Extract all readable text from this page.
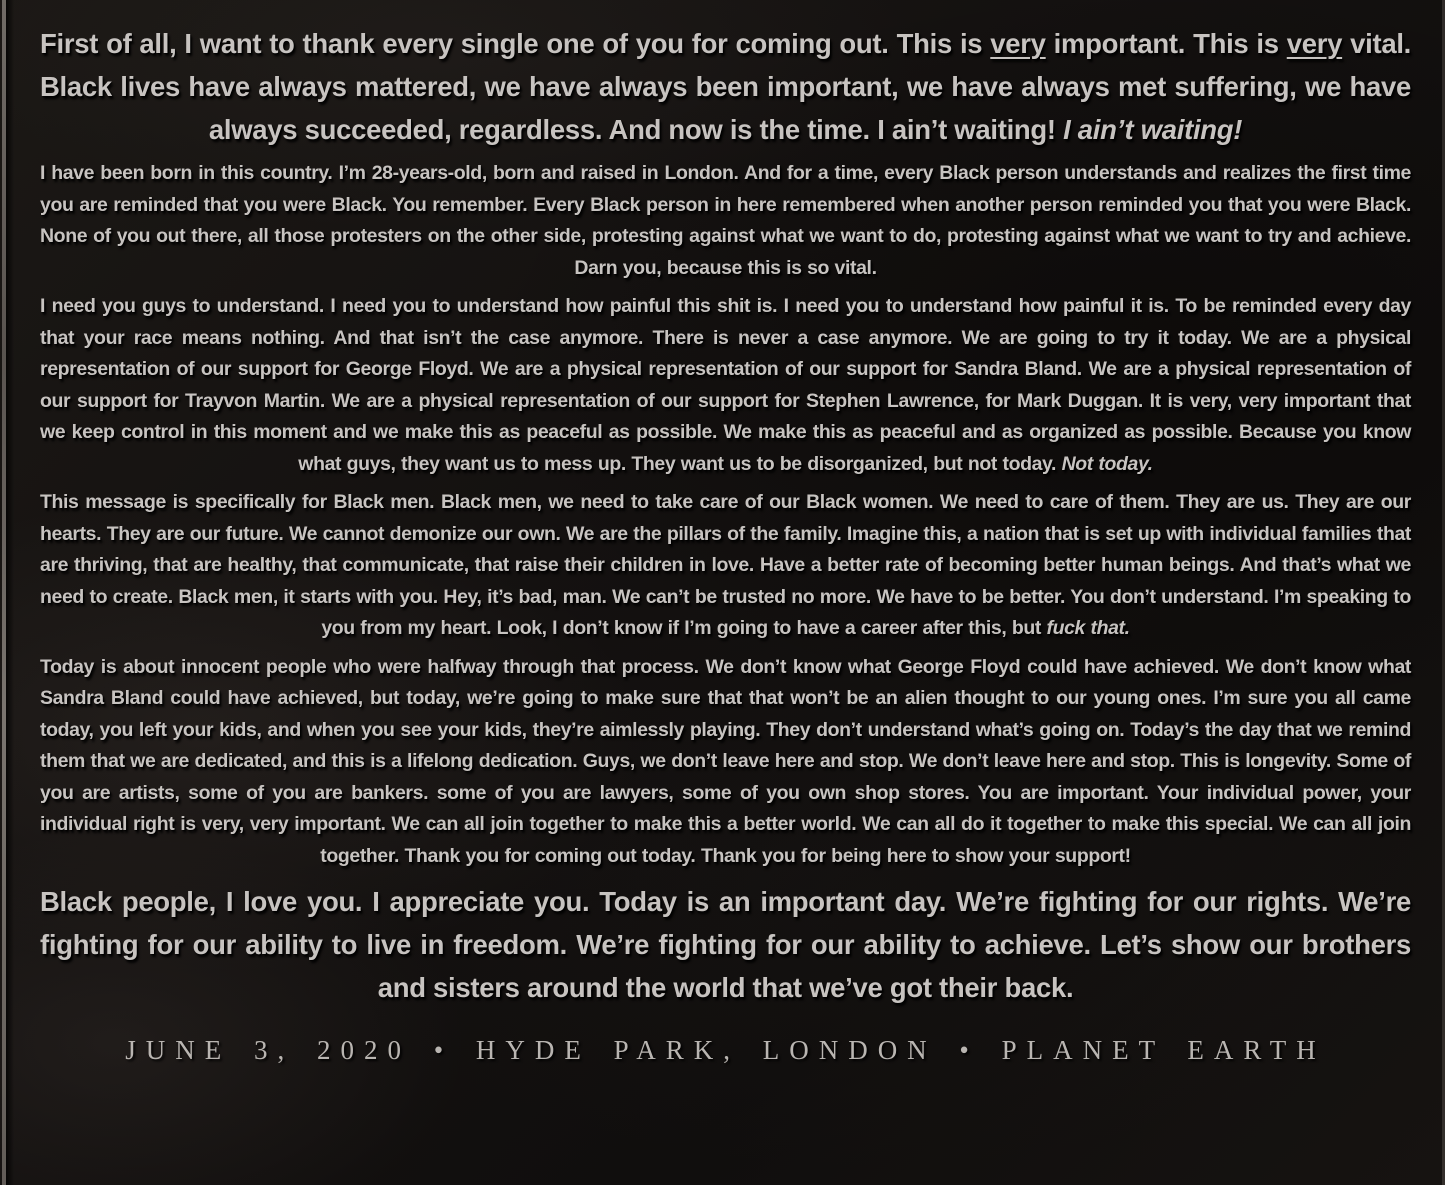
First of all, I want to thank every single one of you for coming out. This is very important. This is very vital. Black lives have always mattered, we have always been important, we have always met suffering, we have always succeeded, regardless. And now is the time. I ain’t waiting! I ain’t waiting!

I have been born in this country. I’m 28-years-old, born and raised in London. And for a time, every Black person understands and realizes the first time you are reminded that you were Black. You remember. Every Black person in here remembered when another person reminded you that you were Black. None of you out there, all those protesters on the other side, protesting against what we want to do, protesting against what we want to try and achieve. Darn you, because this is so vital.

I need you guys to understand. I need you to understand how painful this shit is. I need you to understand how painful it is. To be reminded every day that your race means nothing. And that isn’t the case anymore. There is never a case anymore. We are going to try it today. We are a physical representation of our support for George Floyd. We are a physical representation of our support for Sandra Bland. We are a physical representation of our support for Trayvon Martin. We are a physical representation of our support for Stephen Lawrence, for Mark Duggan. It is very, very important that we keep control in this moment and we make this as peaceful as possible. We make this as peaceful and as organized as possible. Because you know what guys, they want us to mess up. They want us to be disorganized, but not today. Not today.

This message is specifically for Black men. Black men, we need to take care of our Black women. We need to care of them. They are us. They are our hearts. They are our future. We cannot demonize our own. We are the pillars of the family. Imagine this, a nation that is set up with individual families that are thriving, that are healthy, that communicate, that raise their children in love. Have a better rate of becoming better human beings. And that’s what we need to create. Black men, it starts with you. Hey, it’s bad, man. We can’t be trusted no more. We have to be better. You don’t understand. I’m speaking to you from my heart. Look, I don’t know if I’m going to have a career after this, but fuck that.

Today is about innocent people who were halfway through that process. We don’t know what George Floyd could have achieved. We don’t know what Sandra Bland could have achieved, but today, we’re going to make sure that that won’t be an alien thought to our young ones. I’m sure you all came today, you left your kids, and when you see your kids, they’re aimlessly playing. They don’t understand what’s going on. Today’s the day that we remind them that we are dedicated, and this is a lifelong dedication. Guys, we don’t leave here and stop. We don’t leave here and stop. This is longevity. Some of you are artists, some of you are bankers. some of you are lawyers, some of you own shop stores. You are important. Your individual power, your individual right is very, very important. We can all join together to make this a better world. We can all do it together to make this special. We can all join together. Thank you for coming out today. Thank you for being here to show your support!

Black people, I love you. I appreciate you. Today is an important day. We’re fighting for our rights. We’re fighting for our ability to live in freedom. We’re fighting for our ability to achieve. Let’s show our brothers and sisters around the world that we’ve got their back.

JUNE 3, 2020 • HYDE PARK, LONDON • PLANET EARTH
